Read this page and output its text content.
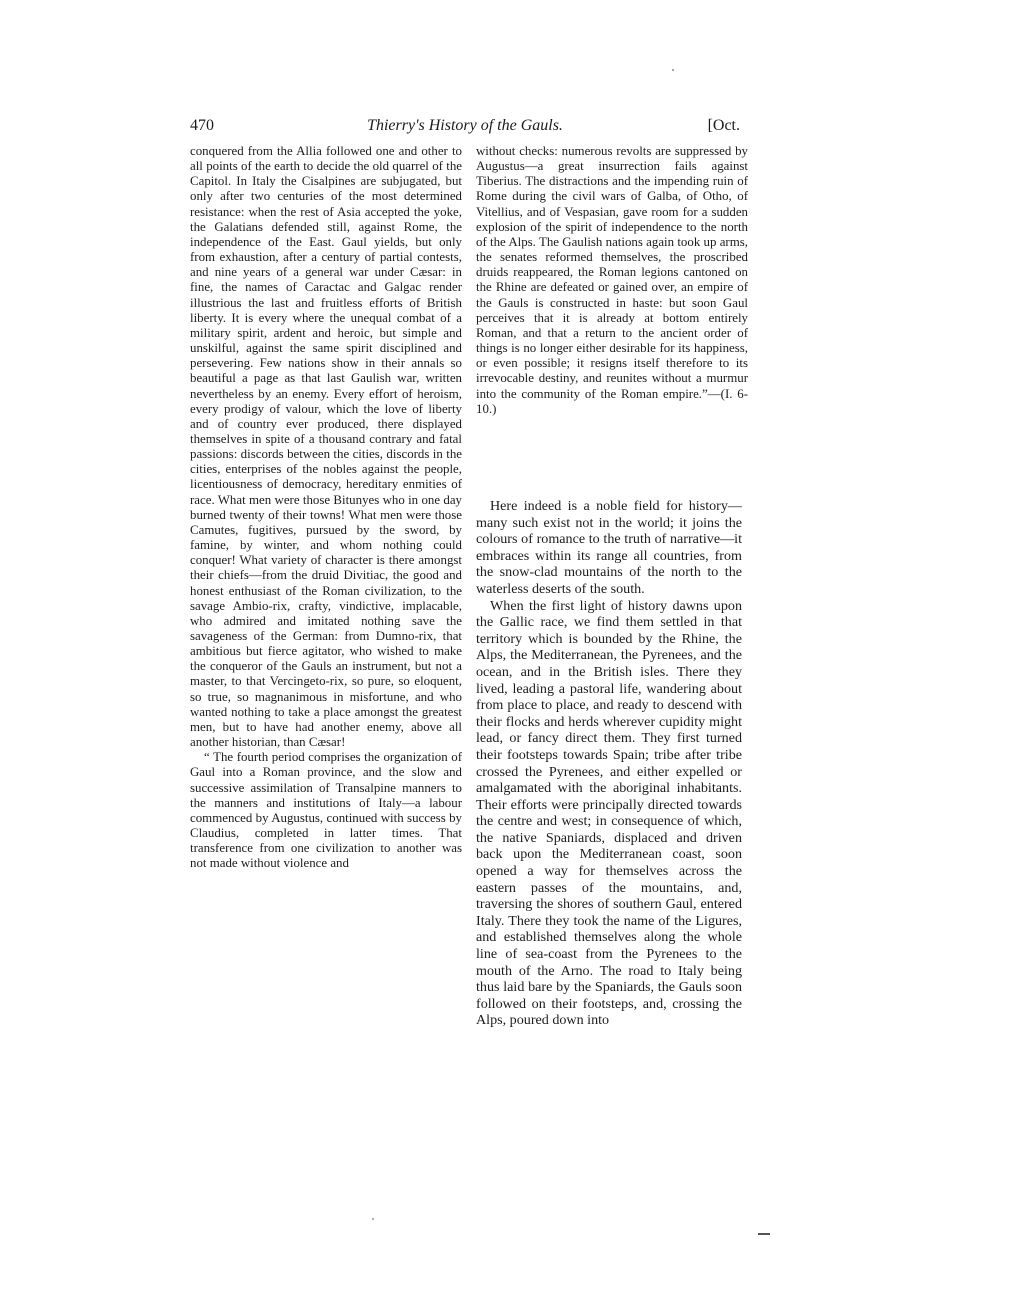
470	Thierry's History of the Gauls.	[Oct.

conquered from the Allia followed one and other to all points of the earth to decide the old quarrel of the Capitol. In Italy the Cisalpines are subjugated, but only after two centuries of the most determined resistance: when the rest of Asia accepted the yoke, the Galatians defended still, against Rome, the independence of the East. Gaul yields, but only from exhaustion, after a century of partial contests, and nine years of a general war under Cæsar: in fine, the names of Caractac and Galgac render illustrious the last and fruitless efforts of British liberty. It is every where the unequal combat of a military spirit, ardent and heroic, but simple and unskilful, against the same spirit disciplined and persevering. Few nations show in their annals so beautiful a page as that last Gaulish war, written nevertheless by an enemy. Every effort of heroism, every prodigy of valour, which the love of liberty and of country ever produced, there displayed themselves in spite of a thousand contrary and fatal passions: discords between the cities, discords in the cities, enterprises of the nobles against the people, licentiousness of democracy, hereditary enmities of race. What men were those Bitunyes who in one day burned twenty of their towns! What men were those Camutes, fugitives, pursued by the sword, by famine, by winter, and whom nothing could conquer! What variety of character is there amongst their chiefs—from the druid Divitiac, the good and honest enthusiast of the Roman civilization, to the savage Ambio-rix, crafty, vindictive, implacable, who admired and imitated nothing save the savageness of the German: from Dumno-rix, that ambitious but fierce agitator, who wished to make the conqueror of the Gauls an instrument, but not a master, to that Vercingeto-rix, so pure, so eloquent, so true, so magnanimous in misfortune, and who wanted nothing to take a place amongst the greatest men, but to have had another enemy, above all another historian, than Cæsar!

“ The fourth period comprises the organization of Gaul into a Roman province, and the slow and successive assimilation of Transalpine manners to the manners and institutions of Italy—a labour commenced by Augustus, continued with success by Claudius, completed in latter times. That transference from one civilization to another was not made without violence and

without checks: numerous revolts are suppressed by Augustus—a great insurrection fails against Tiberius. The distractions and the impending ruin of Rome during the civil wars of Galba, of Otho, of Vitellius, and of Vespasian, gave room for a sudden explosion of the spirit of independence to the north of the Alps. The Gaulish nations again took up arms, the senates reformed themselves, the proscribed druids reappeared, the Roman legions cantoned on the Rhine are defeated or gained over, an empire of the Gauls is constructed in haste: but soon Gaul perceives that it is already at bottom entirely Roman, and that a return to the ancient order of things is no longer either desirable for its happiness, or even possible; it resigns itself therefore to its irrevocable destiny, and reunites without a murmur into the community of the Roman empire.”—(I. 6-10.)

Here indeed is a noble field for history—many such exist not in the world; it joins the colours of romance to the truth of narrative—it embraces within its range all countries, from the snow-clad mountains of the north to the waterless deserts of the south.

When the first light of history dawns upon the Gallic race, we find them settled in that territory which is bounded by the Rhine, the Alps, the Mediterranean, the Pyrenees, and the ocean, and in the British isles. There they lived, leading a pastoral life, wandering about from place to place, and ready to descend with their flocks and herds wherever cupidity might lead, or fancy direct them. They first turned their footsteps towards Spain; tribe after tribe crossed the Pyrenees, and either expelled or amalgamated with the aboriginal inhabitants. Their efforts were principally directed towards the centre and west; in consequence of which, the native Spaniards, displaced and driven back upon the Mediterranean coast, soon opened a way for themselves across the eastern passes of the mountains, and, traversing the shores of southern Gaul, entered Italy. There they took the name of the Ligures, and established themselves along the whole line of sea-coast from the Pyrenees to the mouth of the Arno. The road to Italy being thus laid bare by the Spaniards, the Gauls soon followed on their footsteps, and, crossing the Alps, poured down into
